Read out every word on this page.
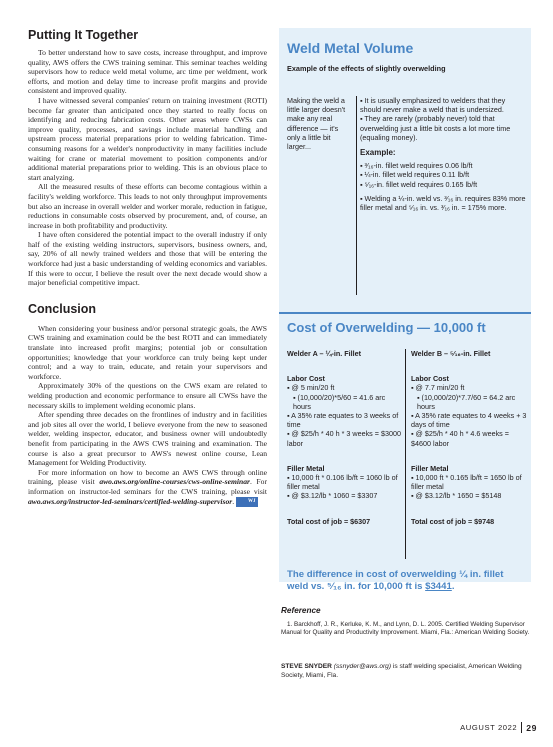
Putting It Together

To better understand how to save costs, increase throughput, and improve quality, AWS offers the CWS training seminar. This seminar teaches welding supervisors how to reduce weld metal volume, arc time per weldment, work efforts, and motion and delay time to increase profit margins and provide consistent and improved quality.

I have witnessed several companies' return on training investment (ROTI) become far greater than anticipated once they started to really focus on identifying and reducing fabrication costs. Other areas where CWSs can improve quality, processes, and savings include material handling and upstream process material preparations prior to welding fabrication. Time-consuming reasons for a welder's nonproductivity in many facilities include waiting for crane or material movement to position components and/or additional material preparations prior to welding. This is an obvious place to start analyzing.

All the measured results of these efforts can become contagious within a facility's welding workforce. This leads to not only throughput improvements but also an increase in overall welder and worker morale, reduction in fatigue, reductions in consumable costs observed by procurement, and, of course, an increase in both profitability and productivity.

I have often considered the potential impact to the overall industry if only half of the existing welding instructors, supervisors, business owners, and, say, 20% of all newly trained welders and those that will be entering the workforce had just a basic understanding of welding economics and variables. If this were to occur, I believe the result over the next decade would show a major beneficial competitive impact.

Conclusion

When considering your business and/or personal strategic goals, the AWS CWS training and examination could be the best ROTI and can immediately translate into increased profit margins; potential job or consultation opportunities; knowledge that your workforce can truly being kept under control; and a way to train, educate, and retain your supervisors and workforce.

Approximately 30% of the questions on the CWS exam are related to welding production and economic performance to ensure all CWSs have the necessary skills to implement welding economic plans.

After spending three decades on the frontlines of industry and in facilities and job sites all over the world, I believe everyone from the new to seasoned welder, welding inspector, educator, and business owner will undoubtedly benefit from participating in the AWS CWS training and examination. The course is also a great precursor to AWS's newest online course, Lean Management for Welding Productivity.

For more information on how to become an AWS CWS through online training, please visit awo.aws.org/online-courses/cws-online-seminar. For information on instructor-led seminars for the CWS training, please visit awo.aws.org/instructor-led-seminars/certified-welding-supervisor.	WJ

Weld Metal Volume
Example of the effects of slightly overwelding
Making the weld a little larger doesn't make any real difference — it's only a little bit larger...
▪ It is usually emphasized to welders that they should never make a weld that is undersized.
▪ They are rarely (probably never) told that overwelding just a little bit costs a lot more time (equaling money).
Example:
▪ ³⁄₁₆-in. fillet weld requires 0.06 lb/ft
▪ ¼-in. fillet weld requires 0.11 lb/ft
▪ ⁵⁄₁₆-in. fillet weld requires 0.165 lb/ft
▪ Welding a ¼-in. weld vs. ³⁄₁₆ in. requires 83% more filler metal and ⁵⁄₁₆ in. vs. ³⁄₁₆ in. = 175% more.
Cost of Overwelding — 10,000 ft
Welder A – ¼-in. Fillet
Labor Cost
▪ @ 5 min/20 ft
▪ (10,000/20)*5/60 = 41.6 arc hours
▪ A 35% rate equates to 3 weeks of time
▪ @ $25/h * 40 h * 3 weeks = $3000 labor
Filler Metal
▪ 10,000 ft * 0.106 lb/ft = 1060 lb of filler metal
▪ @ $3.12/lb * 1060 = $3307
Total cost of job = $6307
Welder B – ⁵⁄₁₆-in. Fillet
Labor Cost
▪ @ 7.7 min/20 ft
▪ (10,000/20)*7.7/60 = 64.2 arc hours
▪ A 35% rate equates to 4 weeks + 3 days of time
▪ @ $25/h * 40 h * 4.6 weeks = $4600 labor
Filler Metal
▪ 10,000 ft * 0.165 lb/ft = 1650 lb of filler metal
▪ @ $3.12/lb * 1650 = $5148
Total cost of job = $9748
The difference in cost of overwelding ¼ in. fillet weld vs. ⁵⁄₁₆ in. for 10,000 ft is $3441.
Reference
1. Barckhoff, J. R., Kerluke, K. M., and Lynn, D. L. 2005. Certified Welding Supervisor Manual for Quality and Productivity Improvement. Miami, Fla.: American Welding Society.
STEVE SNYDER (ssnyder@aws.org) is staff welding specialist, American Welding Society, Miami, Fla.
AUGUST 2022 29
